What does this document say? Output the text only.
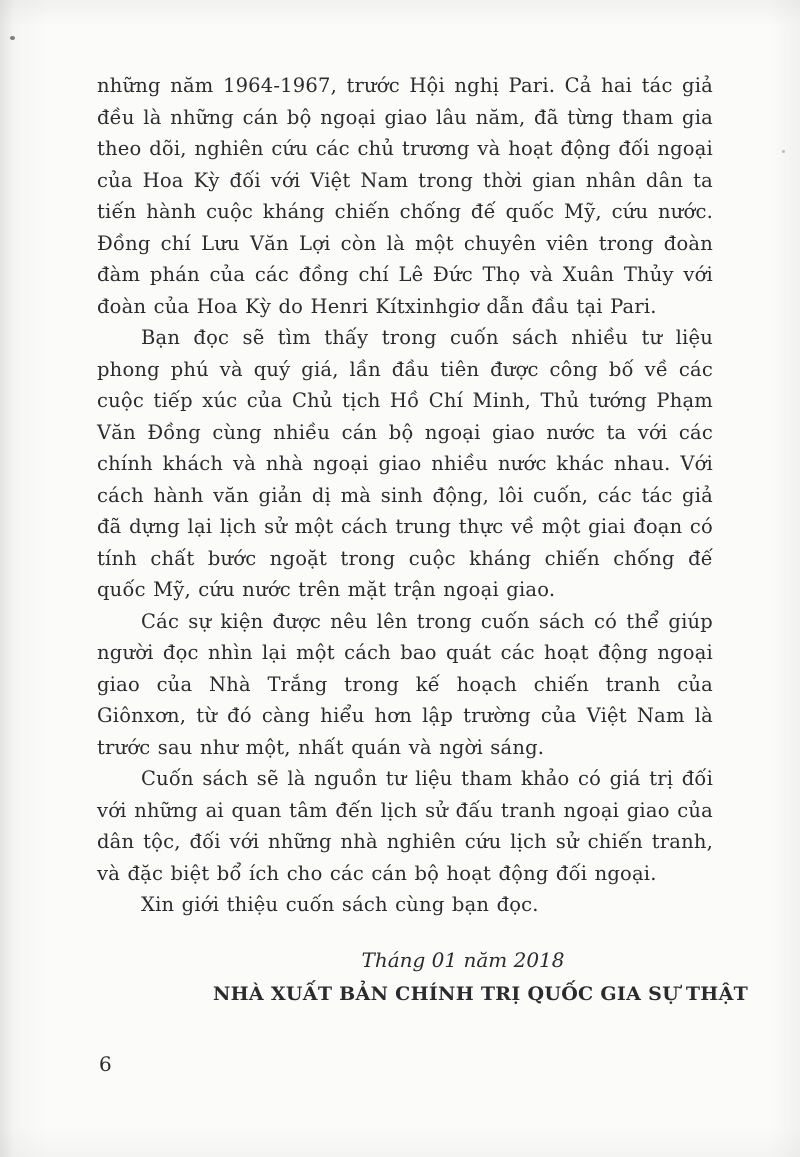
những năm 1964-1967, trước Hội nghị Pari. Cả hai tác giả đều là những cán bộ ngoại giao lâu năm, đã từng tham gia theo dõi, nghiên cứu các chủ trương và hoạt động đối ngoại của Hoa Kỳ đối với Việt Nam trong thời gian nhân dân ta tiến hành cuộc kháng chiến chống đế quốc Mỹ, cứu nước. Đồng chí Lưu Văn Lợi còn là một chuyên viên trong đoàn đàm phán của các đồng chí Lê Đức Thọ và Xuân Thủy với đoàn của Hoa Kỳ do Henri Kítxinhgiơ dẫn đầu tại Pari.

Bạn đọc sẽ tìm thấy trong cuốn sách nhiều tư liệu phong phú và quý giá, lần đầu tiên được công bố về các cuộc tiếp xúc của Chủ tịch Hồ Chí Minh, Thủ tướng Phạm Văn Đồng cùng nhiều cán bộ ngoại giao nước ta với các chính khách và nhà ngoại giao nhiều nước khác nhau. Với cách hành văn giản dị mà sinh động, lôi cuốn, các tác giả đã dựng lại lịch sử một cách trung thực về một giai đoạn có tính chất bước ngoặt trong cuộc kháng chiến chống đế quốc Mỹ, cứu nước trên mặt trận ngoại giao.

Các sự kiện được nêu lên trong cuốn sách có thể giúp người đọc nhìn lại một cách bao quát các hoạt động ngoại giao của Nhà Trắng trong kế hoạch chiến tranh của Giônxơn, từ đó càng hiểu hơn lập trường của Việt Nam là trước sau như một, nhất quán và ngời sáng.

Cuốn sách sẽ là nguồn tư liệu tham khảo có giá trị đối với những ai quan tâm đến lịch sử đấu tranh ngoại giao của dân tộc, đối với những nhà nghiên cứu lịch sử chiến tranh, và đặc biệt bổ ích cho các cán bộ hoạt động đối ngoại.

Xin giới thiệu cuốn sách cùng bạn đọc.

Tháng 01 năm 2018
NHÀ XUẤT BẢN CHÍNH TRỊ QUỐC GIA SỰ THẬT
6
